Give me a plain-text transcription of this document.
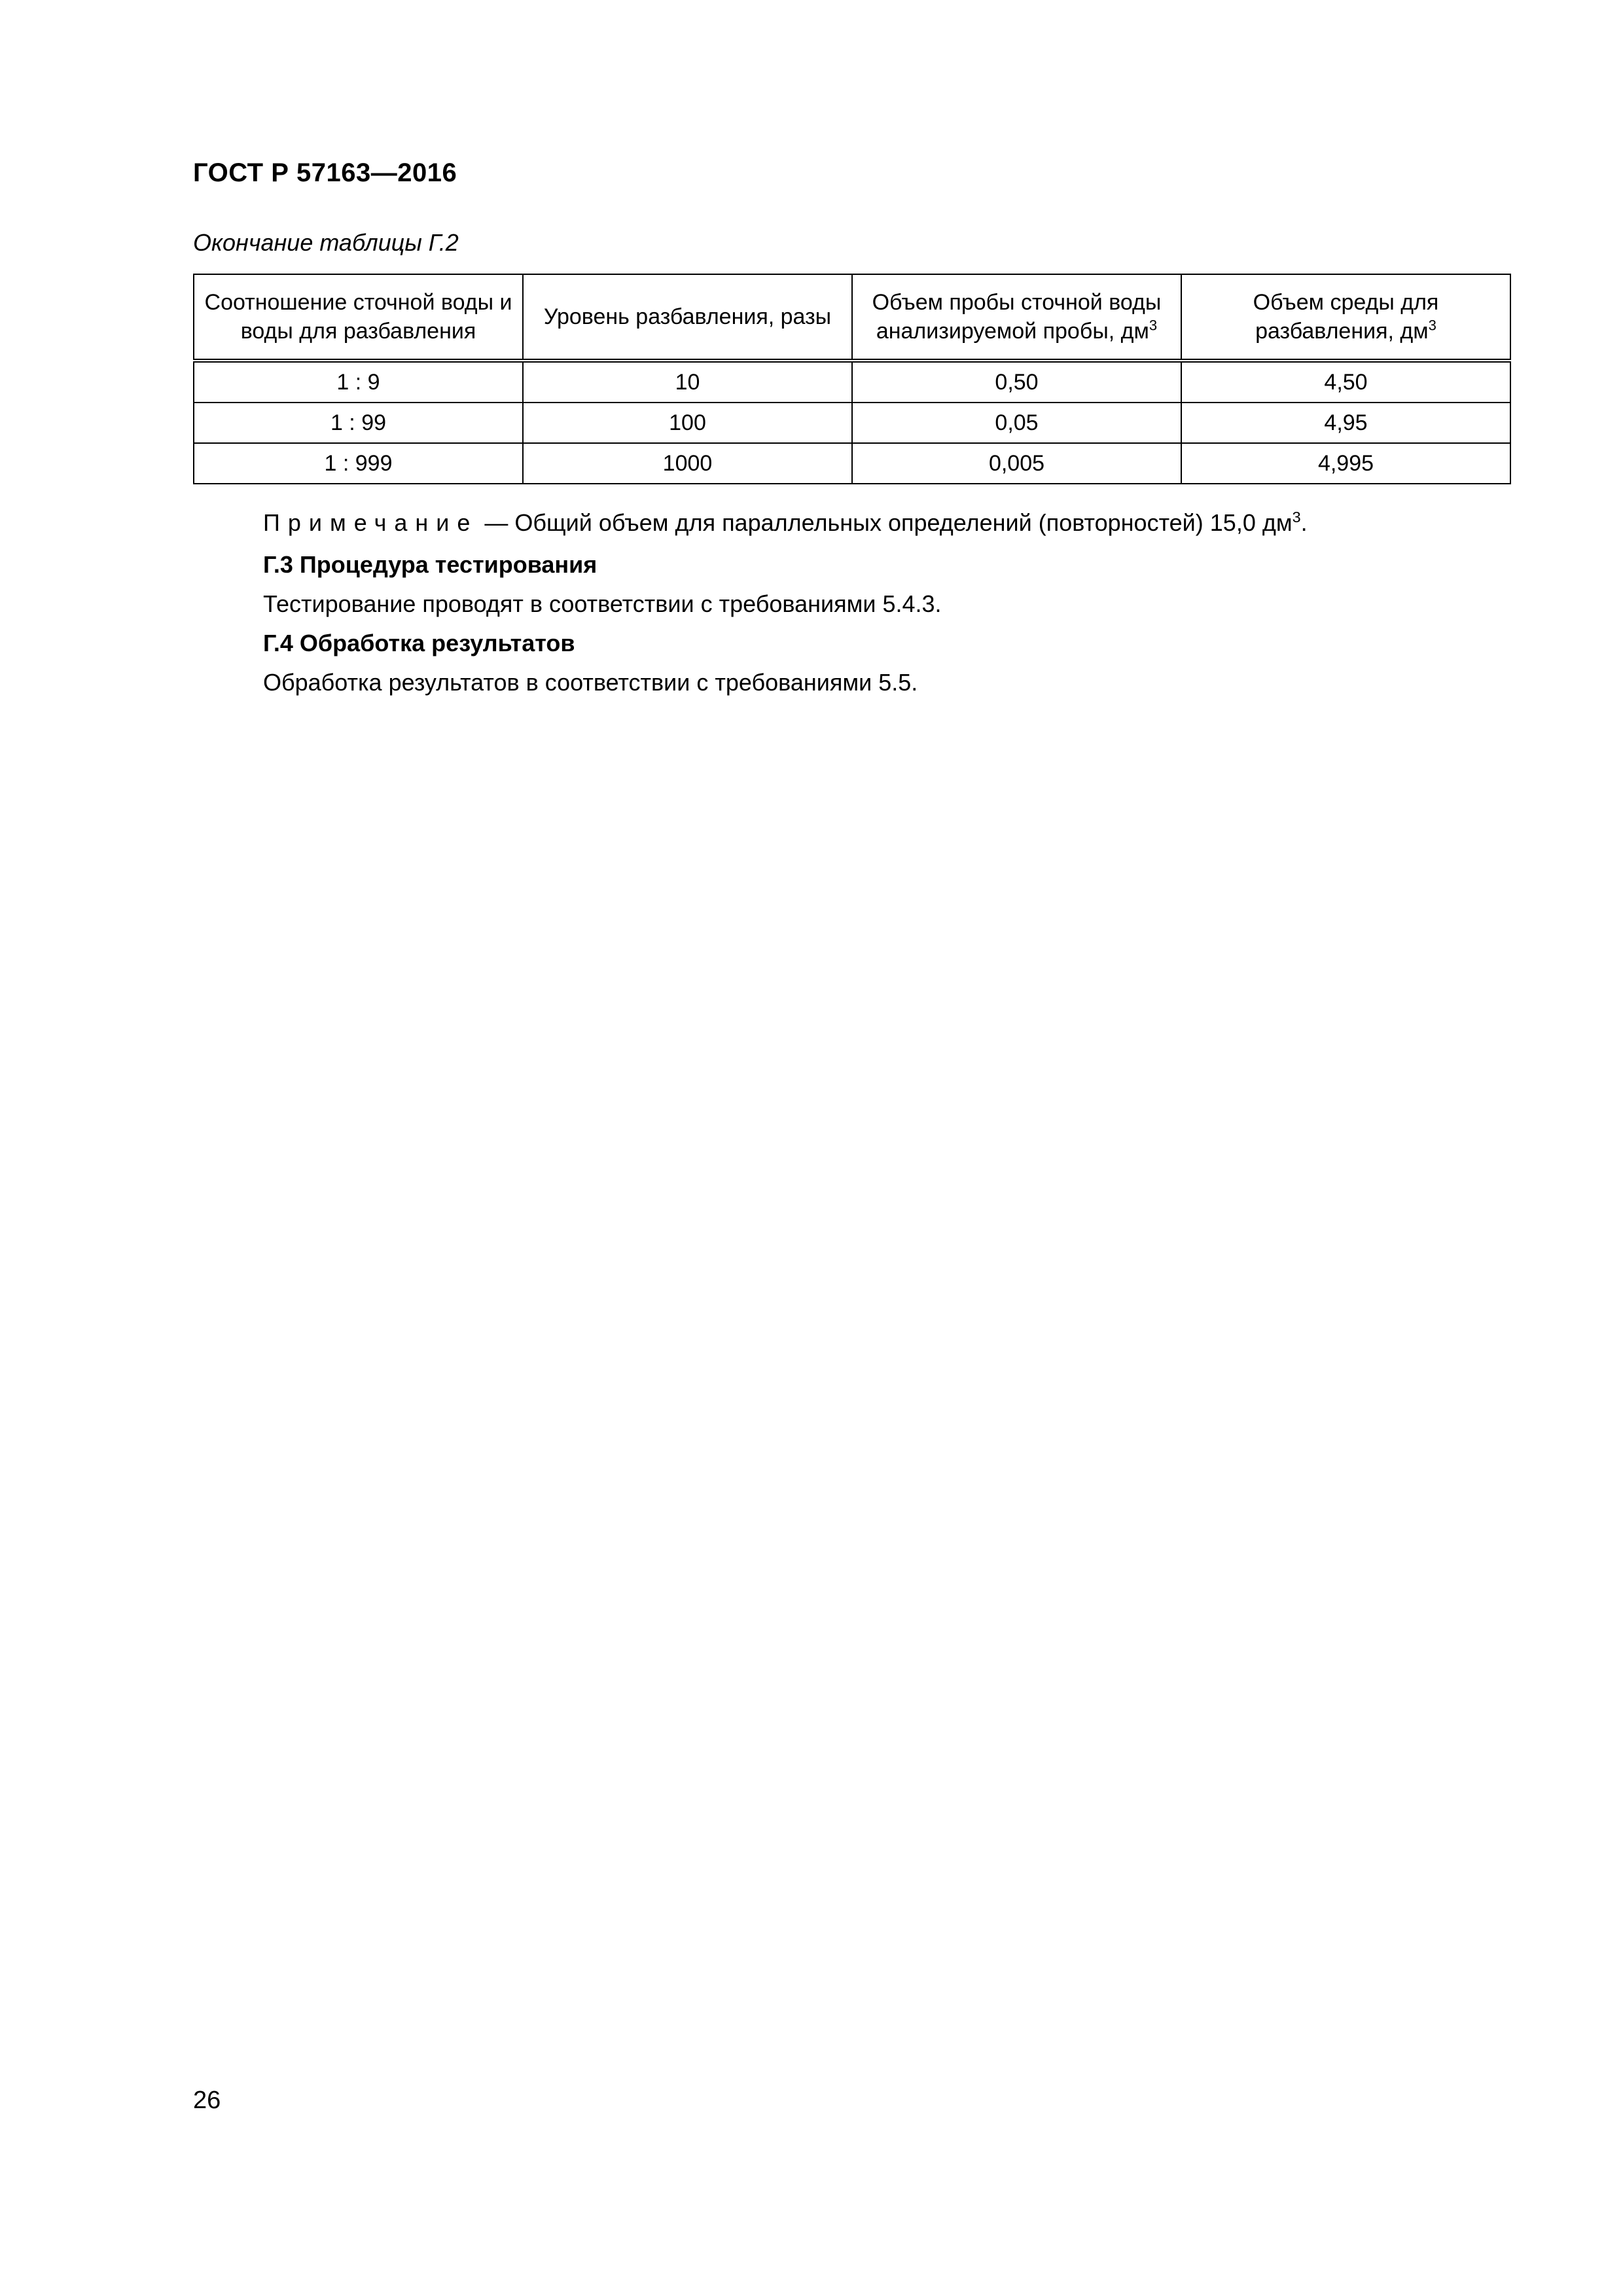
ГОСТ Р 57163—2016
Окончание таблицы Г.2
Соотношение сточной воды и воды для разбавления	Уровень разбавления, разы	Объем пробы сточной воды анализируемой пробы, $дм^3$	Объем среды для разбавления, $дм^3$
1 : 9	10	0,50	4,50
1 : 99	100	0,05	4,95
1 : 999	1000	0,005	4,995
Примечание — Общий объем для параллельных определений (повторностей) 15,0 $дм^3$.
Г.3 Процедура тестирования
Тестирование проводят в соответствии с требованиями 5.4.3.
Г.4 Обработка результатов
Обработка результатов в соответствии с требованиями 5.5.
26
